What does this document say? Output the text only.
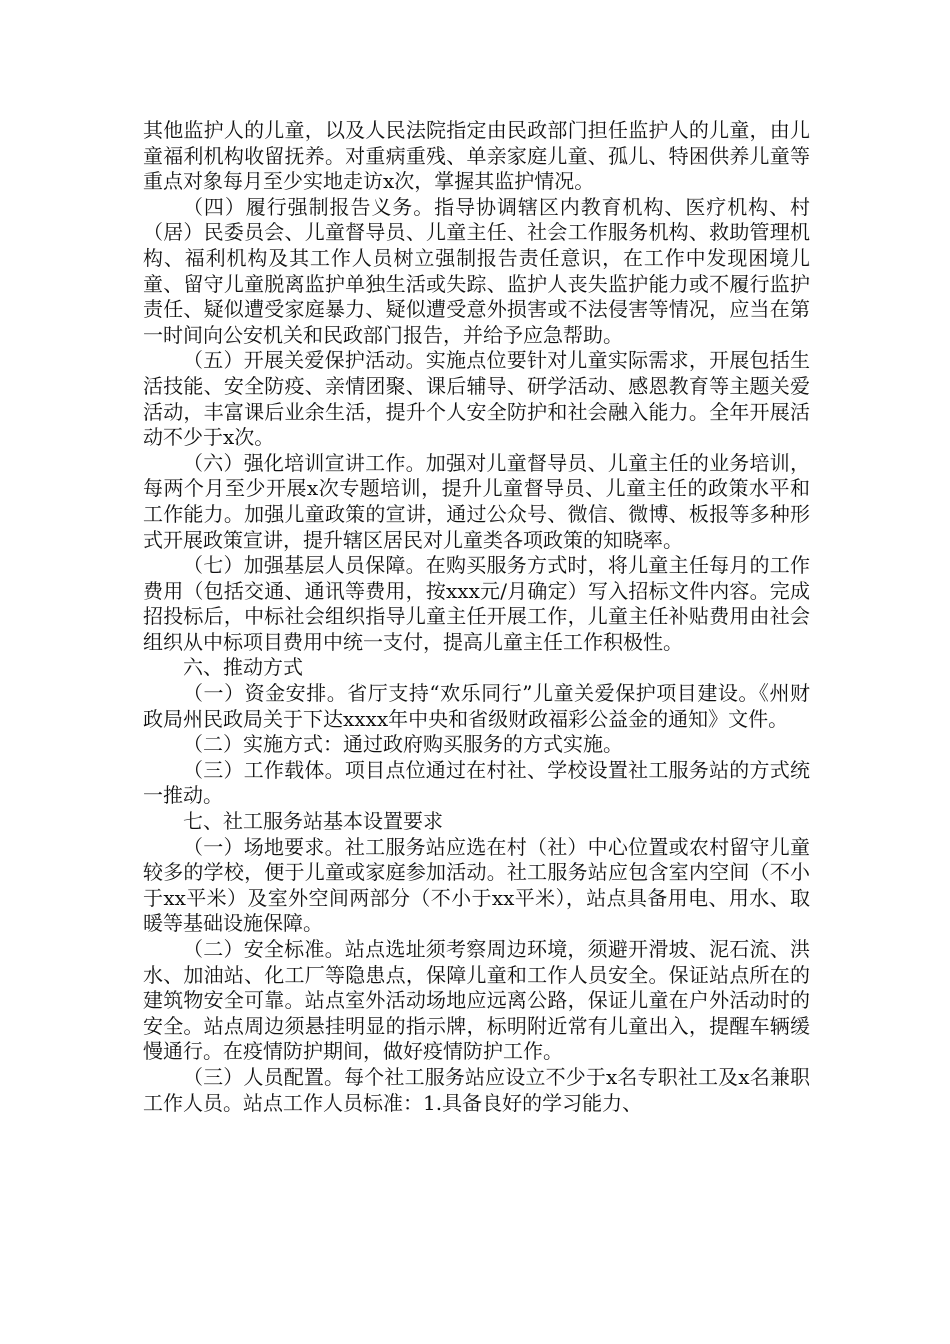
其他监护人的儿童，以及人民法院指定由民政部门担任监护人的儿童，由儿童福利机构收留抚养。对重病重残、单亲家庭儿童、孤儿、特困供养儿童等重点对象每月至少实地走访x次，掌握其监护情况。

（四）履行强制报告义务。指导协调辖区内教育机构、医疗机构、村（居）民委员会、儿童督导员、儿童主任、社会工作服务机构、救助管理机构、福利机构及其工作人员树立强制报告责任意识，在工作中发现困境儿童、留守儿童脱离监护单独生活或失踪、监护人丧失监护能力或不履行监护责任、疑似遭受家庭暴力、疑似遭受意外损害或不法侵害等情况，应当在第一时间向公安机关和民政部门报告，并给予应急帮助。

（五）开展关爱保护活动。实施点位要针对儿童实际需求，开展包括生活技能、安全防疫、亲情团聚、课后辅导、研学活动、感恩教育等主题关爱活动，丰富课后业余生活，提升个人安全防护和社会融入能力。全年开展活动不少于x次。

（六）强化培训宣讲工作。加强对儿童督导员、儿童主任的业务培训，每两个月至少开展x次专题培训，提升儿童督导员、儿童主任的政策水平和工作能力。加强儿童政策的宣讲，通过公众号、微信、微博、板报等多种形式开展政策宣讲，提升辖区居民对儿童类各项政策的知晓率。

（七）加强基层人员保障。在购买服务方式时，将儿童主任每月的工作费用（包括交通、通讯等费用，按xxx元/月确定）写入招标文件内容。完成招投标后，中标社会组织指导儿童主任开展工作，儿童主任补贴费用由社会组织从中标项目费用中统一支付，提高儿童主任工作积极性。

六、推动方式

（一）资金安排。省厅支持“欢乐同行”儿童关爱保护项目建设。《州财政局州民政局关于下达xxxx年中央和省级财政福彩公益金的通知》文件。

（二）实施方式：通过政府购买服务的方式实施。

（三）工作载体。项目点位通过在村社、学校设置社工服务站的方式统一推动。

七、社工服务站基本设置要求

（一）场地要求。社工服务站应选在村（社）中心位置或农村留守儿童较多的学校，便于儿童或家庭参加活动。社工服务站应包含室内空间（不小于xx平米）及室外空间两部分（不小于xx平米），站点具备用电、用水、取暖等基础设施保障。

（二）安全标准。站点选址须考察周边环境，须避开滑坡、泥石流、洪水、加油站、化工厂等隐患点，保障儿童和工作人员安全。保证站点所在的建筑物安全可靠。站点室外活动场地应远离公路，保证儿童在户外活动时的安全。站点周边须悬挂明显的指示牌，标明附近常有儿童出入，提醒车辆缓慢通行。在疫情防护期间，做好疫情防护工作。

（三）人员配置。每个社工服务站应设立不少于x名专职社工及x名兼职工作人员。站点工作人员标准：1.具备良好的学习能力、
